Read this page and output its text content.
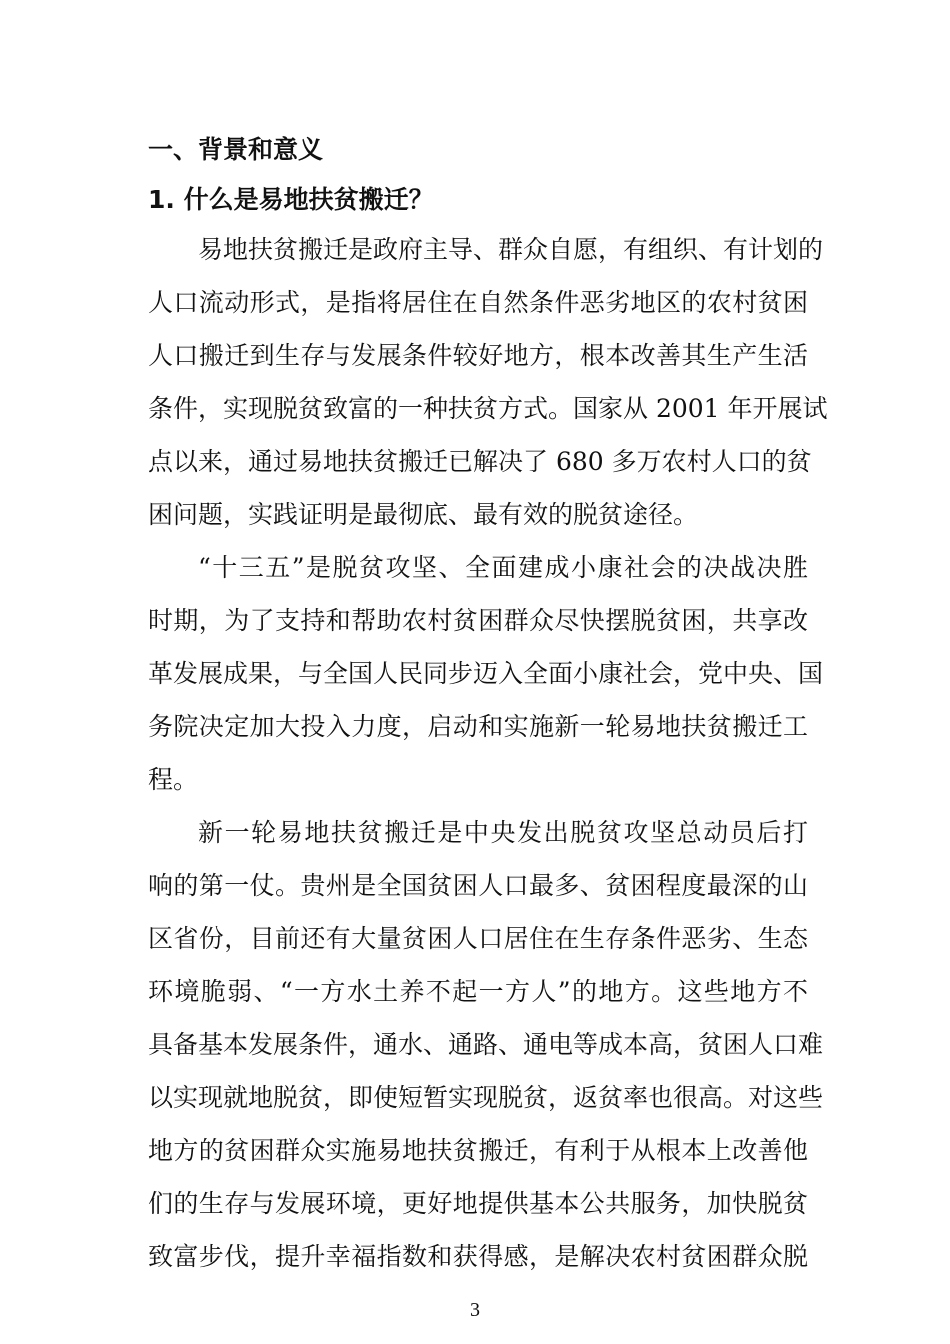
一、背景和意义
1. 什么是易地扶贫搬迁？

易地扶贫搬迁是政府主导、群众自愿，有组织、有计划的

人口流动形式，是指将居住在自然条件恶劣地区的农村贫困

人口搬迁到生存与发展条件较好地方，根本改善其生产生活

条件，实现脱贫致富的一种扶贫方式。国家从 2001 年开展试

点以来，通过易地扶贫搬迁已解决了 680 多万农村人口的贫

困问题，实践证明是最彻底、最有效的脱贫途径。

“十三五”是脱贫攻坚、全面建成小康社会的决战决胜

时期，为了支持和帮助农村贫困群众尽快摆脱贫困，共享改

革发展成果，与全国人民同步迈入全面小康社会，党中央、国

务院决定加大投入力度，启动和实施新一轮易地扶贫搬迁工

程。

新一轮易地扶贫搬迁是中央发出脱贫攻坚总动员后打

响的第一仗。贵州是全国贫困人口最多、贫困程度最深的山

区省份，目前还有大量贫困人口居住在生存条件恶劣、生态

环境脆弱、“一方水土养不起一方人”的地方。这些地方不

具备基本发展条件，通水、通路、通电等成本高，贫困人口难

以实现就地脱贫，即使短暂实现脱贫，返贫率也很高。对这些

地方的贫困群众实施易地扶贫搬迁，有利于从根本上改善他

们的生存与发展环境，更好地提供基本公共服务，加快脱贫

致富步伐，提升幸福指数和获得感，是解决农村贫困群众脱

3
